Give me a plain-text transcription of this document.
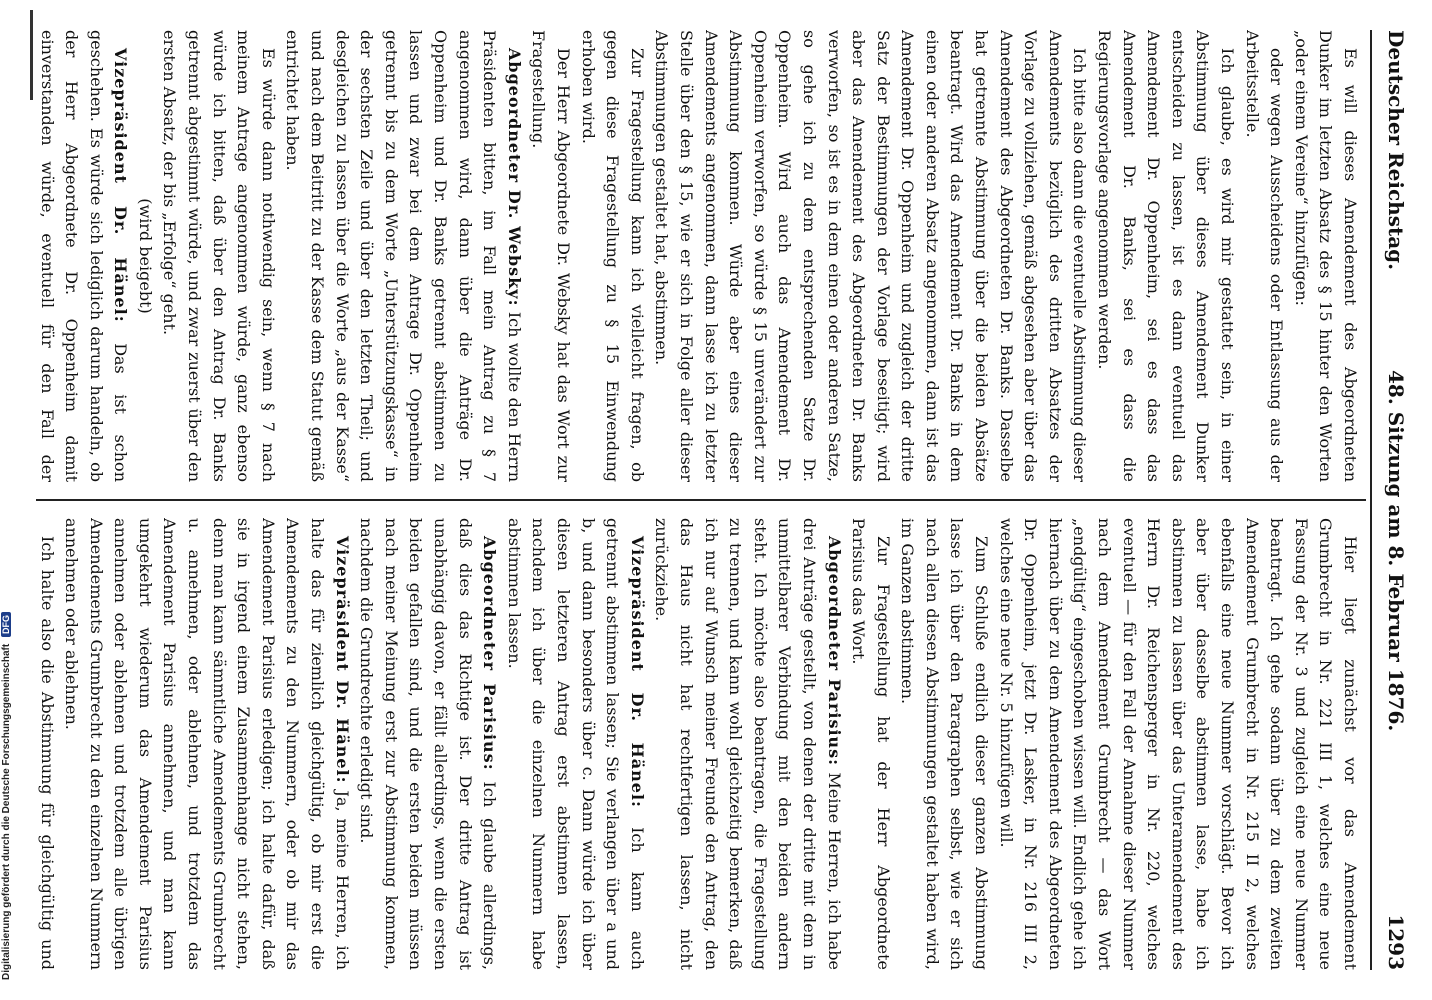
Digitalisierung gefördert durch die Deutsche Forschungsgemeinschaft DFG
Deutscher Reichstag.
48. Sitzung am 8. Februar 1876.
1293

Es will dieses Amendement des Abgeordneten Dunker im letzten Absatz des § 15 hinter den Worten „oder einem Vereine“ hinzufügen:

oder wegen Ausscheidens oder Entlassung aus der Arbeitsstelle.

Ich glaube, es wird mir gestattet sein, in einer Abstimmung über dieses Amendement Dunker entscheiden zu lassen, ist es dann eventuell das Amendement Dr. Oppenheim, sei es dass das Amendement Dr. Banks, sei es dass die Regierungsvorlage angenommen werden.

Ich bitte also dann die eventuelle Abstimmung dieser Amendements bezüglich des dritten Absatzes der Vorlage zu vollziehen, gemäß abgesehen aber über das Amendement des Abgeordneten Dr. Banks. Dasselbe hat getrennte Abstimmung über die beiden Absätze beantragt. Wird das Amendement Dr. Banks in dem einen oder anderen Absatz angenommen, dann ist das Amendement Dr. Oppenheim und zugleich der dritte Satz der Bestimmungen der Vorlage beseitigt; wird aber das Amendement des Abgeordneten Dr. Banks verworfen, so ist es in dem einen oder anderen Satze, so gehe ich zu dem entsprechenden Satze Dr. Oppenheim. Wird auch das Amendement Dr. Oppenheim verworfen, so würde § 15 unverändert zur Abstimmung kommen. Würde aber eines dieser Amendements angenommen, dann lasse ich zu letzter Stelle über den § 15, wie er sich in Folge aller dieser Abstimmungen gestaltet hat, abstimmen.

Zur Fragestellung kann ich vielleicht fragen, ob gegen diese Fragestellung zu § 15 Einwendung erhoben wird.

Der Herr Abgeordnete Dr. Websky hat das Wort zur Fragestellung.

Abgeordneter Dr. Websky: Ich wollte den Herrn Präsidenten bitten, im Fall mein Antrag zu § 7 angenommen wird, dann über die Anträge Dr. Oppenheim und Dr. Banks getrennt abstimmen zu lassen und zwar bei dem Antrage Dr. Oppenheim getrennt bis zu dem Worte „Unterstützungskasse“ in der sechsten Zeile und über den letzten Theil; und desgleichen zu lassen über die Worte „aus der Kasse“ und nach dem Beitritt zu der Kasse dem Statut gemäß entrichtet haben.

Es würde dann nothwendig sein, wenn § 7 nach meinem Antrage angenommen würde, ganz ebenso würde ich bitten, daß über den Antrag Dr. Banks getrennt abgestimmt würde, und zwar zuerst über den ersten Absatz, der bis „Erfolge“ geht.

(wird beigebt)

Vizepräsident Dr. Hänel: Das ist schon geschehen. Es würde sich lediglich darum handeln, ob der Herr Abgeordnete Dr. Oppenheim damit einverstanden würde, eventuell für den Fall der

Hier liegt zunächst vor das Amendement Grumbrecht in Nr. 221 III 1, welches eine neue Fassung der Nr. 3 und zugleich eine neue Nummer beantragt. Ich gehe sodann über zu dem zweiten Amendement Grumbrecht in Nr. 215 II 2, welches ebenfalls eine neue Nummer vorschlägt. Bevor ich aber über dasselbe abstimmen lasse, habe ich abstimmen zu lassen über das Unteramendement des Herrn Dr. Reichensperger in Nr. 220, welches eventuell — für den Fall der Annahme dieser Nummer nach dem Amendement Grumbrecht — das Wort „endgültig“ eingeschoben wissen will. Endlich gehe ich hiernach über zu dem Amendement des Abgeordneten Dr. Oppenheim, jetzt Dr. Lasker, in Nr. 216 III 2, welches eine neue Nr. 5 hinzufügen will.

Zum Schluße endlich dieser ganzen Abstimmung lasse ich über den Paragraphen selbst, wie er sich nach allen diesen Abstimmungen gestaltet haben wird, im Ganzen abstimmen.

Zur Fragestellung hat der Herr Abgeordnete Parisius das Wort.

Abgeordneter Parisius: Meine Herren, ich habe drei Anträge gestellt, von denen der dritte mit dem in unmittelbarer Verbindung mit den beiden andern steht. Ich möchte also beantragen, die Fragestellung zu trennen, und kann wohl gleichzeitig bemerken, daß ich nur auf Wunsch meiner Freunde den Antrag, den das Haus nicht hat rechtfertigen lassen, nicht zurückziehe.

Vizepräsident Dr. Hänel: Ich kann auch getrennt abstimmen lassen; Sie verlangen über a und b, und dann besonders über c. Dann würde ich über diesen letzteren Antrag erst abstimmen lassen, nachdem ich über die einzelnen Nummern habe abstimmen lassen.

Abgeordneter Parisius: Ich glaube allerdings, daß dies das Richtige ist. Der dritte Antrag ist unabhängig davon, er fällt allerdings, wenn die ersten beiden gefallen sind, und die ersten beiden müssen nach meiner Meinung erst zur Abstimmung kommen, nachdem die Grundrechte erledigt sind.

Vizepräsident Dr. Hänel: Ja, meine Herren, ich halte das für ziemlich gleichgültig, ob mir erst die Amendements zu den Nummern, oder ob mir das Amendement Parisius erledigen; ich halte dafür, daß sie in irgend einem Zusammenhange nicht stehen, denn man kann sämmtliche Amendements Grumbrecht u. annehmen, oder ablehnen, und trotzdem das Amendement Parisius annehmen, und man kann umgekehrt wiederum das Amendement Parisius annehmen oder ablehnen und trotzdem alle übrigen Amendements Grumbrecht zu den einzelnen Nummern annehmen oder ablehnen.

Ich halte also die Abstimmung für gleichgültig und
